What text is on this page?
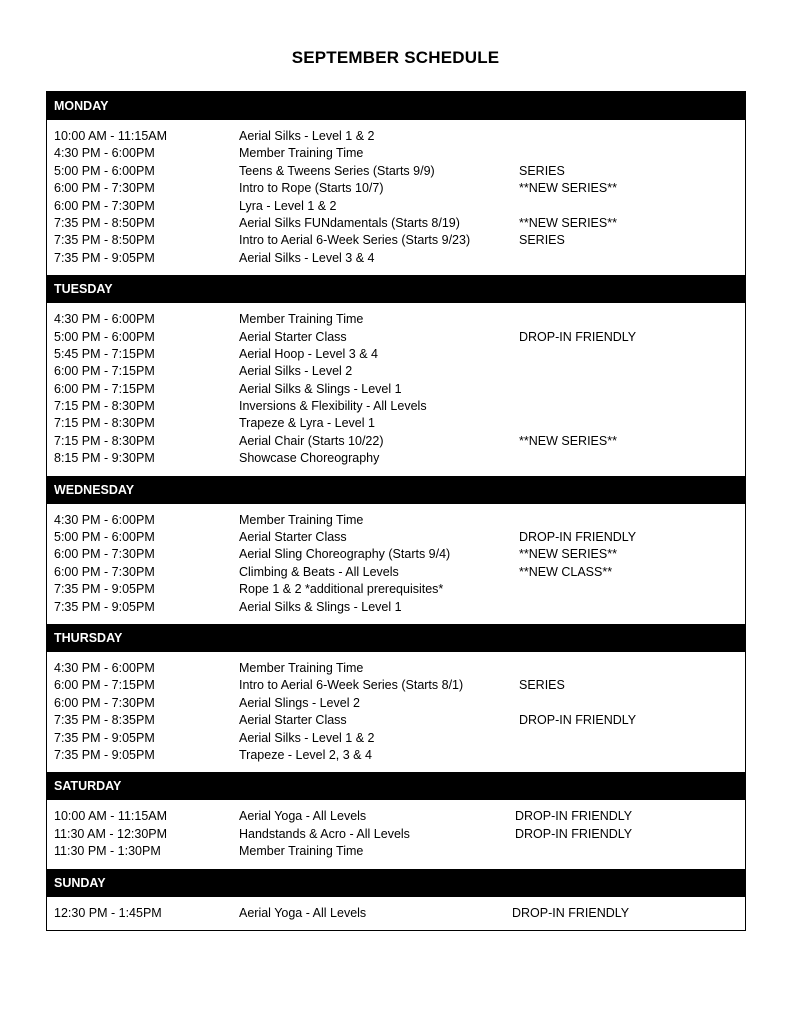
SEPTEMBER SCHEDULE
MONDAY
10:00 AM - 11:15AM	Aerial Silks - Level 1 & 2
4:30 PM - 6:00PM	Member Training Time
5:00 PM - 6:00PM	Teens & Tweens Series (Starts 9/9)	SERIES
6:00 PM - 7:30PM	Intro to Rope (Starts 10/7)	**NEW SERIES**
6:00 PM - 7:30PM	Lyra - Level 1 & 2
7:35 PM - 8:50PM	Aerial Silks FUNdamentals (Starts 8/19)	**NEW SERIES**
7:35 PM - 8:50PM	Intro to Aerial 6-Week Series (Starts 9/23)	SERIES
7:35 PM - 9:05PM	Aerial Silks - Level 3 & 4
TUESDAY
4:30 PM - 6:00PM	Member Training Time
5:00 PM - 6:00PM	Aerial Starter Class	DROP-IN FRIENDLY
5:45 PM - 7:15PM	Aerial Hoop - Level 3 & 4
6:00 PM - 7:15PM	Aerial Silks - Level 2
6:00 PM - 7:15PM	Aerial Silks & Slings - Level 1
7:15 PM - 8:30PM	Inversions & Flexibility - All Levels
7:15 PM - 8:30PM	Trapeze & Lyra - Level 1
7:15 PM - 8:30PM	Aerial Chair (Starts 10/22)	**NEW SERIES**
8:15 PM - 9:30PM	Showcase Choreography
WEDNESDAY
4:30 PM - 6:00PM	Member Training Time
5:00 PM - 6:00PM	Aerial Starter Class	DROP-IN FRIENDLY
6:00 PM - 7:30PM	Aerial Sling Choreography (Starts 9/4)	**NEW SERIES**
6:00 PM - 7:30PM	Climbing & Beats - All Levels	**NEW CLASS**
7:35 PM - 9:05PM	Rope 1 & 2 *additional prerequisites*
7:35 PM - 9:05PM	Aerial Silks & Slings - Level 1
THURSDAY
4:30 PM - 6:00PM	Member Training Time
6:00 PM - 7:15PM	Intro to Aerial 6-Week Series (Starts 8/1)	SERIES
6:00 PM - 7:30PM	Aerial Slings - Level 2
7:35 PM - 8:35PM	Aerial Starter Class	DROP-IN FRIENDLY
7:35 PM - 9:05PM	Aerial Silks - Level 1 & 2
7:35 PM - 9:05PM	Trapeze - Level 2, 3 & 4
SATURDAY
10:00 AM - 11:15AM	Aerial Yoga - All Levels	DROP-IN FRIENDLY
11:30 AM - 12:30PM	Handstands & Acro - All Levels	DROP-IN FRIENDLY
11:30 PM - 1:30PM	Member Training Time
SUNDAY
12:30 PM - 1:45PM	Aerial Yoga - All Levels	DROP-IN FRIENDLY
